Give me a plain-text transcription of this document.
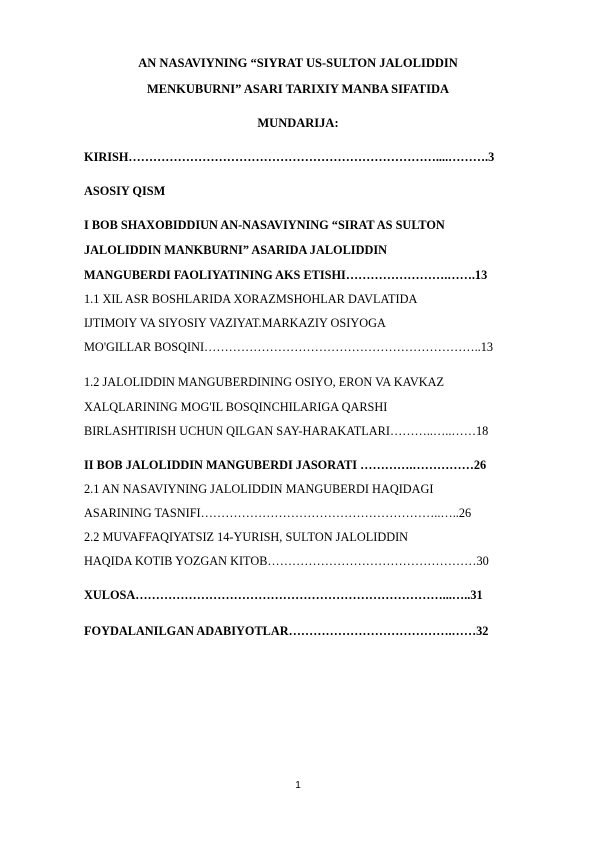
AN NASAVIYNING “SIYRAT US-SULTON JALOLIDDIN
MENKUBURNI” ASARI TARIXIY MANBA SIFATIDA
MUNDARIJA:
KIRISH…………………………………………………………………....……….3
ASOSIY QISM
I BOB SHAXOBIDDIUN AN-NASAVIYNING “SIRAT AS SULTON
JALOLIDDIN MANKBURNI” ASARIDA JALOLIDDIN
MANGUBERDI FAOLIYATINING AKS ETISHI…………………….…….13
1.1 XIL ASR BOSHLARIDA XORAZMSHOHLAR DAVLATIDA
IJTIMOIY VA SIYOSIY VAZIYAT.MARKAZIY OSIYOGA
MO'GILLAR BOSQINI…………………………………………………………..13
1.2 JALOLIDDIN MANGUBERDINING OSIYO, ERON VA KAVKAZ
XALQLARINING MOG'IL BOSQINCHILARIGA QARSHI
BIRLASHTIRISH UCHUN QILGAN SAY-HARAKATLARI………..…..……18
II BOB JALOLIDDIN MANGUBERDI JASORATI ………….……………26
2.1 AN NASAVIYNING JALOLIDDIN MANGUBERDI HAQIDAGI
ASARINING TASNIFI…………………………………………………..…..26
2.2 MUVAFFAQIYATSIZ 14-YURISH, SULTON JALOLIDDIN
HAQIDA KOTIB YOZGAN KITOB……………………………………………30
XULOSA…………………………………………………………………...…..31
FOYDALANILGAN ADABIYOTLAR………………………………….……32
1
